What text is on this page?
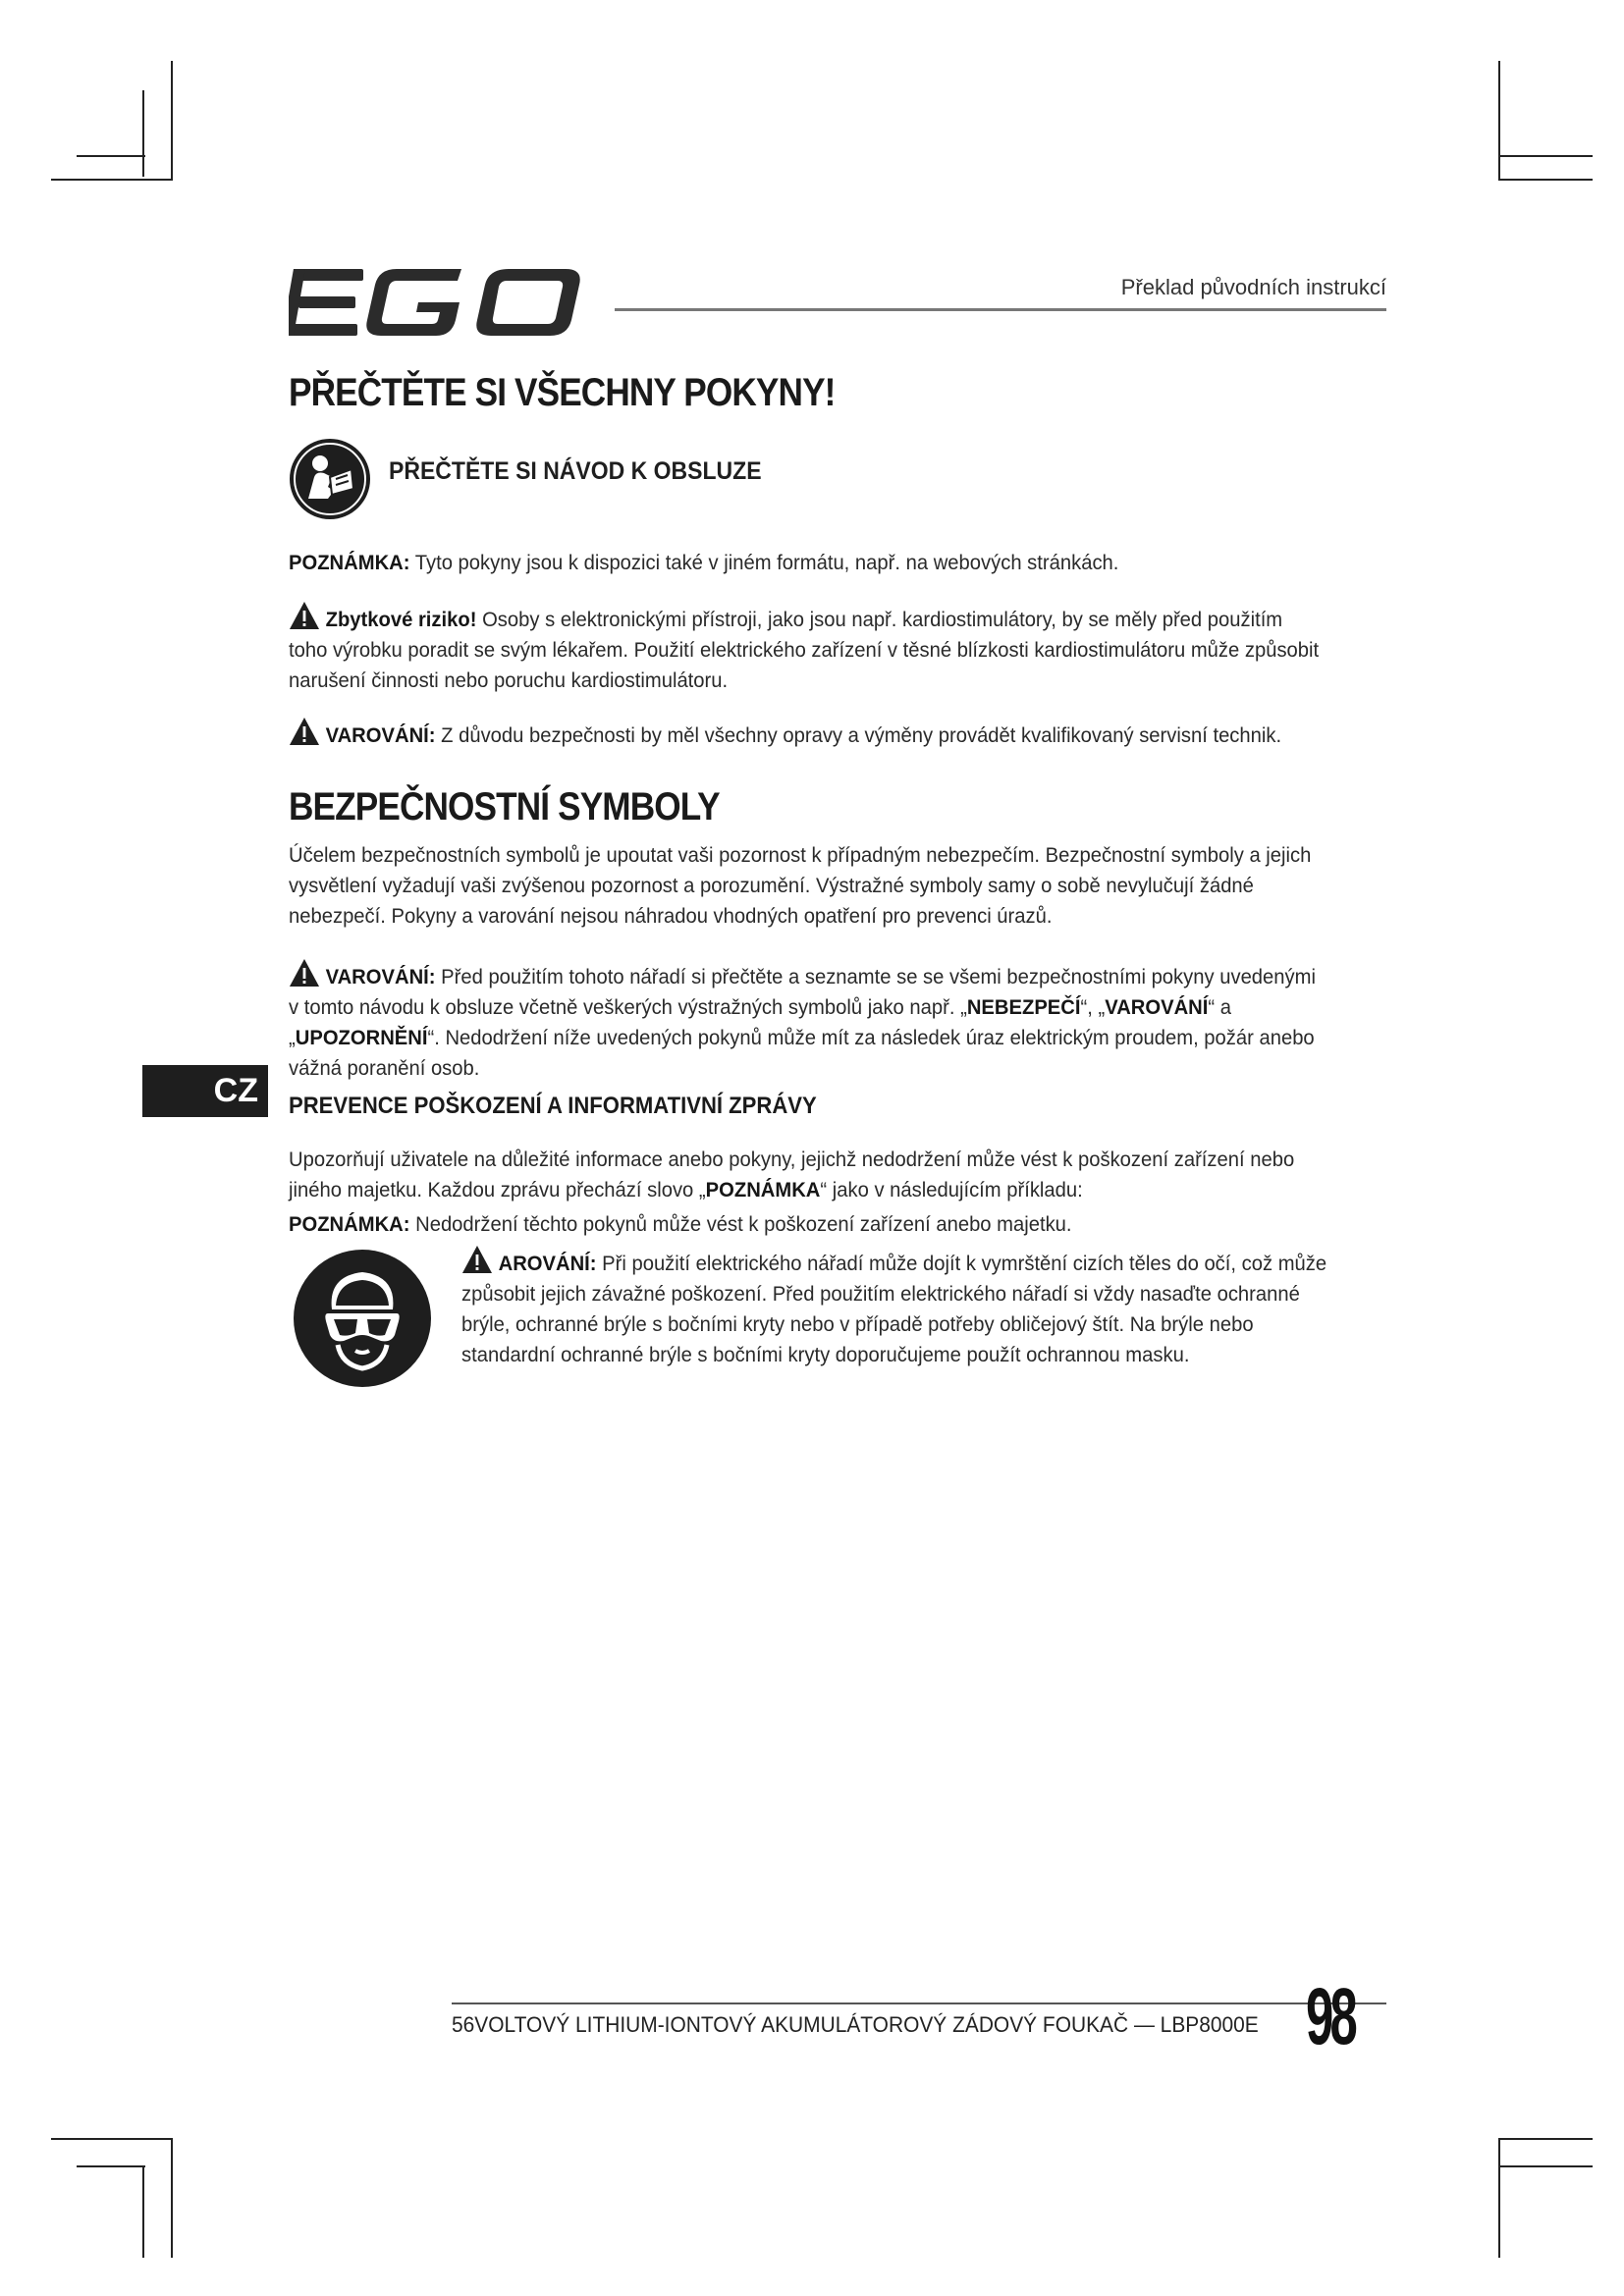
Překlad původních instrukcí
PŘEČTĚTE SI VŠECHNY POKYNY!
PŘEČTĚTE SI NÁVOD K OBSLUZE
POZNÁMKA: Tyto pokyny jsou k dispozici také v jiném formátu, např. na webových stránkách.
Zbytkové riziko! Osoby s elektronickými přístroji, jako jsou např. kardiostimulátory, by se měly před použitím toho výrobku poradit se svým lékařem. Použití elektrického zařízení v těsné blízkosti kardiostimulátoru může způsobit narušení činnosti nebo poruchu kardiostimulátoru.
VAROVÁNÍ: Z důvodu bezpečnosti by měl všechny opravy a výměny provádět kvalifikovaný servisní technik.
BEZPEČNOSTNÍ SYMBOLY
Účelem bezpečnostních symbolů je upoutat vaši pozornost k případným nebezpečím. Bezpečnostní symboly a jejich vysvětlení vyžadují vaši zvýšenou pozornost a porozumění. Výstražné symboly samy o sobě nevylučují žádné nebezpečí. Pokyny a varování nejsou náhradou vhodných opatření pro prevenci úrazů.
VAROVÁNÍ: Před použitím tohoto nářadí si přečtěte a seznamte se se všemi bezpečnostními pokyny uvedenými v tomto návodu k obsluze včetně veškerých výstražných symbolů jako např. „NEBEZPEČÍ“, „VAROVÁNÍ“ a „UPOZORNĚNÍ“. Nedodržení níže uvedených pokynů může mít za následek úraz elektrickým proudem, požár anebo vážná poranění osob.
CZ PREVENCE POŠKOZENÍ A INFORMATIVNÍ ZPRÁVY
Upozorňují uživatele na důležité informace anebo pokyny, jejichž nedodržení může vést k poškození zařízení nebo jiného majetku. Každou zprávu přechází slovo „POZNÁMKA“ jako v následujícím příkladu:
POZNÁMKA: Nedodržení těchto pokynů může vést k poškození zařízení anebo majetku.
AROVÁNÍ: Při použití elektrického nářadí může dojít k vymrštění cizích těles do očí, což může způsobit jejich závažné poškození. Před použitím elektrického nářadí si vždy nasaďte ochranné brýle, ochranné brýle s bočními kryty nebo v případě potřeby obličejový štít. Na brýle nebo standardní ochranné brýle s bočními kryty doporučujeme použít ochrannou masku.
56VOLTOVÝ LITHIUM-IONTOVÝ AKUMULÁTOROVÝ ZÁDOVÝ FOUKAČ — LBP8000E 98
